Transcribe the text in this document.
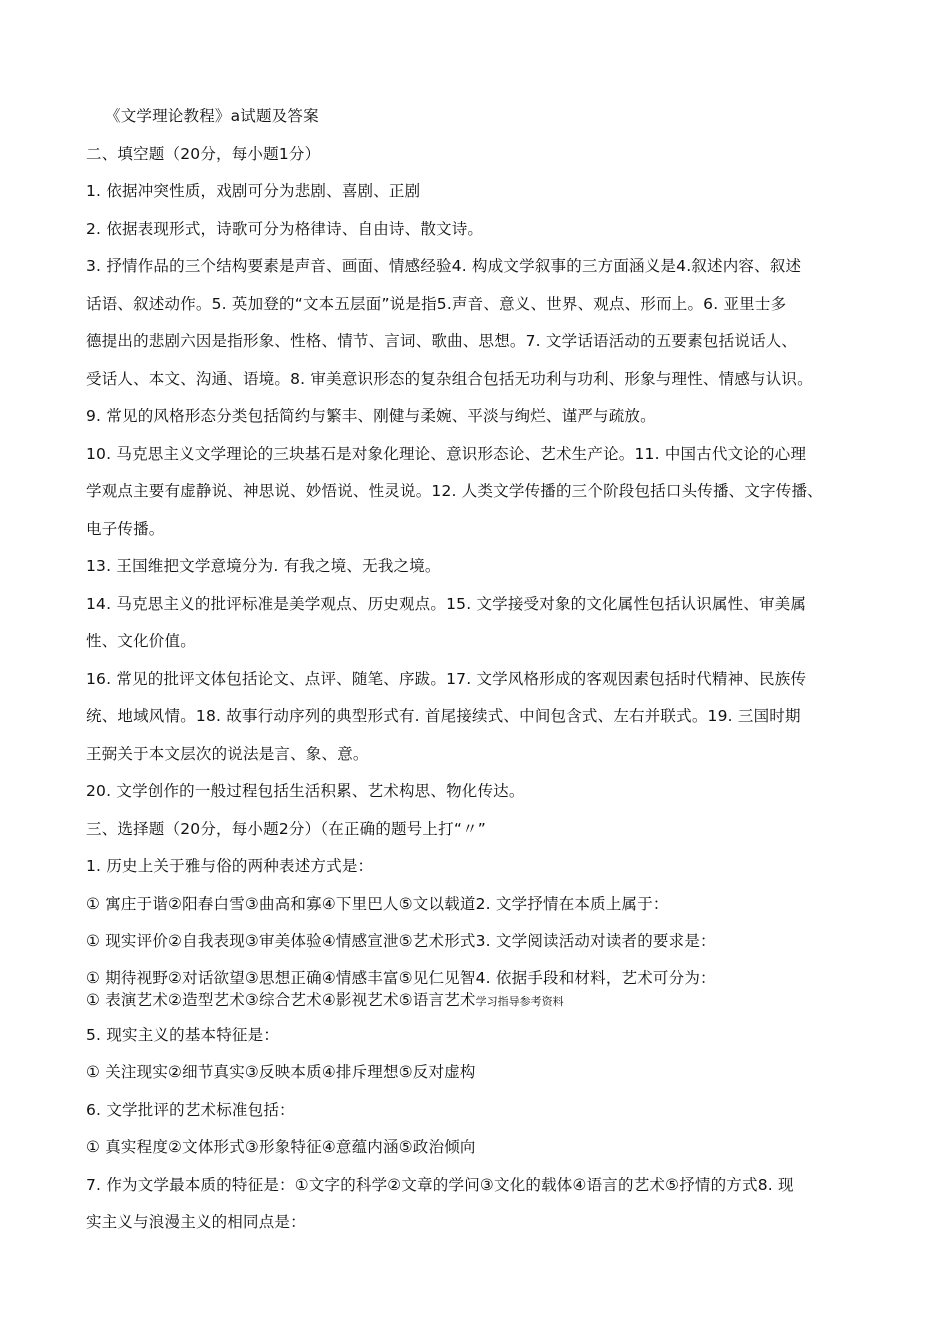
《文学理论教程》a试题及答案
二、填空题（20分，每小题1分）
1. 依据冲突性质，戏剧可分为悲剧、喜剧、正剧
2. 依据表现形式，诗歌可分为格律诗、自由诗、散文诗。
3. 抒情作品的三个结构要素是声音、画面、情感经验4. 构成文学叙事的三方面涵义是4.叙述内容、叙述
话语、叙述动作。5. 英加登的“文本五层面”说是指5.声音、意义、世界、观点、形而上。6. 亚里士多
德提出的悲剧六因是指形象、性格、情节、言词、歌曲、思想。7. 文学话语活动的五要素包括说话人、
受话人、本文、沟通、语境。8. 审美意识形态的复杂组合包括无功利与功利、形象与理性、情感与认识。
9. 常见的风格形态分类包括简约与繁丰、刚健与柔婉、平淡与绚烂、谨严与疏放。
10. 马克思主义文学理论的三块基石是对象化理论、意识形态论、艺术生产论。11. 中国古代文论的心理
学观点主要有虚静说、神思说、妙悟说、性灵说。12. 人类文学传播的三个阶段包括口头传播、文字传播、
电子传播。
13. 王国维把文学意境分为. 有我之境、无我之境。
14. 马克思主义的批评标准是美学观点、历史观点。15. 文学接受对象的文化属性包括认识属性、审美属
性、文化价值。
16. 常见的批评文体包括论文、点评、随笔、序跋。17. 文学风格形成的客观因素包括时代精神、民族传
统、地域风情。18. 故事行动序列的典型形式有. 首尾接续式、中间包含式、左右并联式。19. 三国时期
王弼关于本文层次的说法是言、象、意。
20. 文学创作的一般过程包括生活积累、艺术构思、物化传达。
三、选择题（20分，每小题2分）（在正确的题号上打“〃”
1. 历史上关于雅与俗的两种表述方式是：
① 寓庄于谐②阳春白雪③曲高和寡④下里巴人⑤文以载道2. 文学抒情在本质上属于：
① 现实评价②自我表现③审美体验④情感宣泄⑤艺术形式3. 文学阅读活动对读者的要求是：
① 期待视野②对话欲望③思想正确④情感丰富⑤见仁见智4. 依据手段和材料，艺术可分为：
① 表演艺术②造型艺术③综合艺术④影视艺术⑤语言艺术学习指导参考资料
5. 现实主义的基本特征是：
① 关注现实②细节真实③反映本质④排斥理想⑤反对虚构
6. 文学批评的艺术标准包括：
① 真实程度②文体形式③形象特征④意蕴内涵⑤政治倾向
7. 作为文学最本质的特征是：①文字的科学②文章的学问③文化的载体④语言的艺术⑤抒情的方式8. 现
实主义与浪漫主义的相同点是：
